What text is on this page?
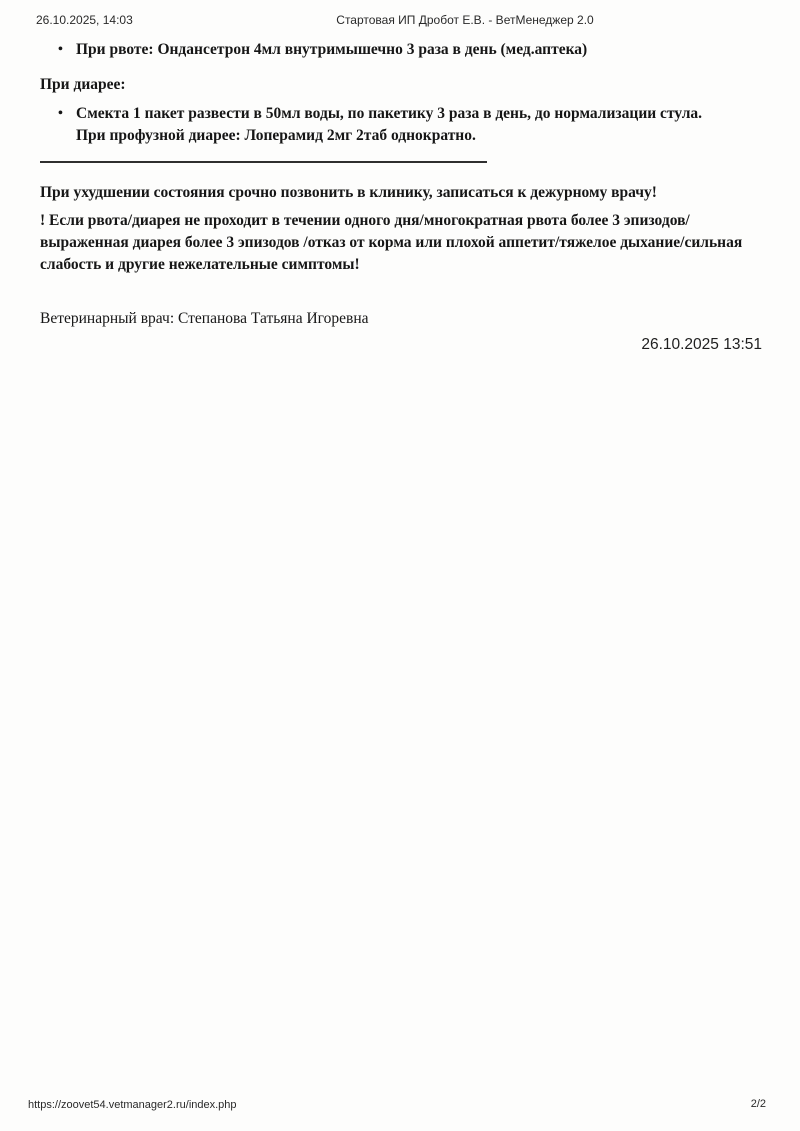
26.10.2025, 14:03	Стартовая ИП Дробот Е.В. - ВетМенеджер 2.0
• При рвоте: Ондансетрон 4мл внутримышечно 3 раза в день (мед.аптека)
При диарее:
• Смекта 1 пакет развести в 50мл воды, по пакетику 3 раза в день, до нормализации стула. При профузной диарее: Лоперамид 2мг 2таб однократно.
При ухудшении состояния срочно позвонить в клинику, записаться к дежурному врачу!
! Если рвота/диарея не проходит в течении одного дня/многократная рвота более 3 эпизодов/выраженная диарея более 3 эпизодов /отказ от корма или плохой аппетит/тяжелое дыхание/сильная слабость и другие нежелательные симптомы!
Ветеринарный врач: Степанова Татьяна Игоревна
26.10.2025 13:51
https://zoovet54.vetmanager2.ru/index.php	2/2
